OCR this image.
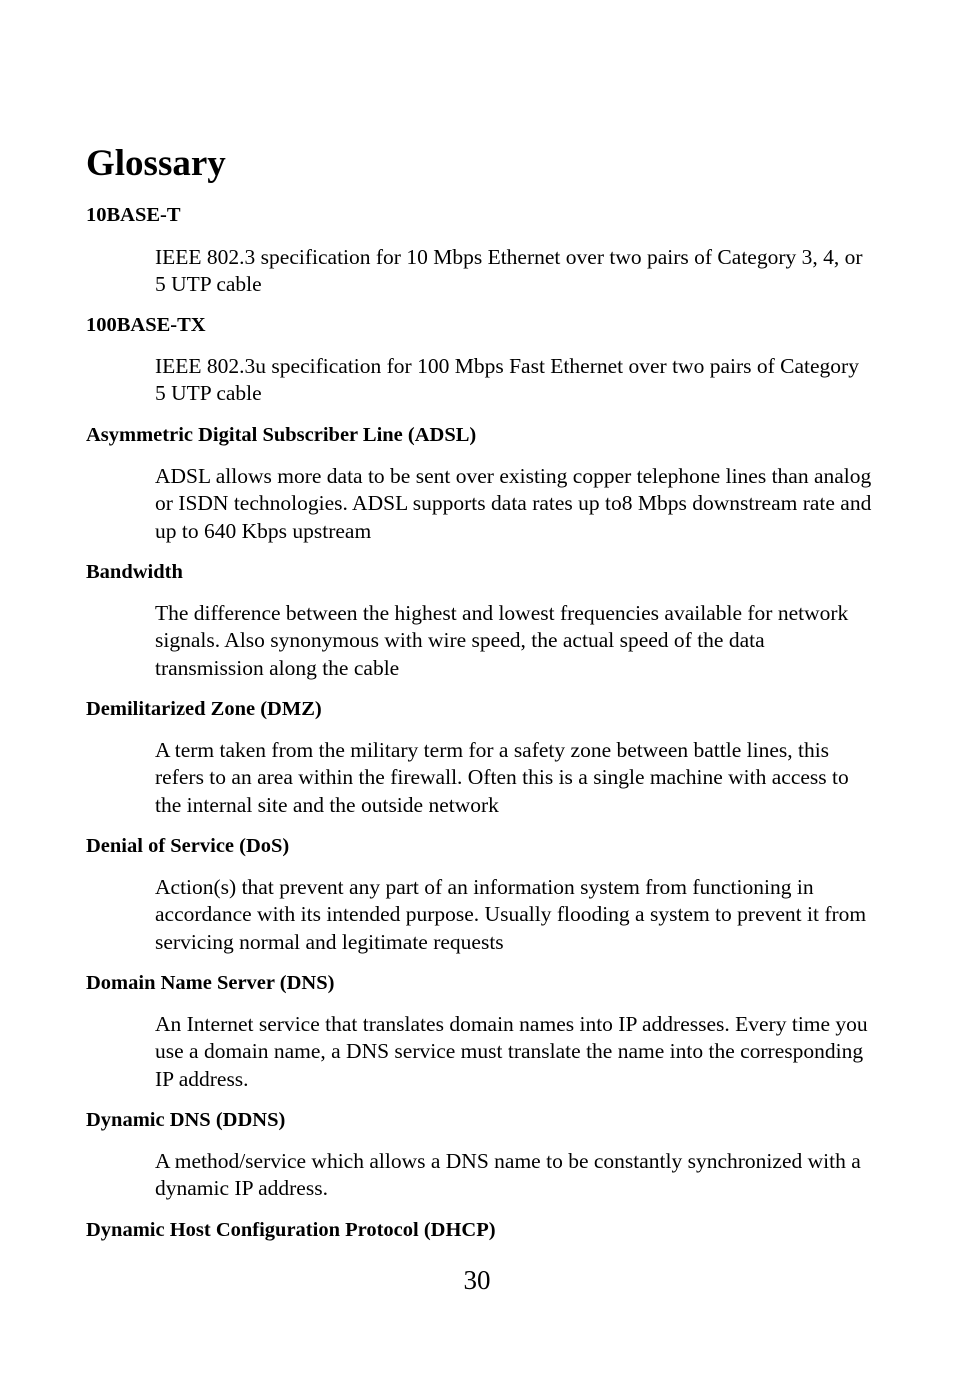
Glossary
10BASE-T
IEEE 802.3 specification for 10 Mbps Ethernet over two pairs of Category 3, 4, or 5 UTP cable
100BASE-TX
IEEE 802.3u specification for 100 Mbps Fast Ethernet over two pairs of Category 5 UTP cable
Asymmetric Digital Subscriber Line (ADSL)
ADSL allows more data to be sent over existing copper telephone lines than analog or ISDN technologies. ADSL supports data rates up to8 Mbps downstream rate and up to 640 Kbps upstream
Bandwidth
The difference between the highest and lowest frequencies available for network signals. Also synonymous with wire speed, the actual speed of the data transmission along the cable
Demilitarized Zone (DMZ)
A term taken from the military term for a safety zone between battle lines, this refers to an area within the firewall. Often this is a single machine with access to the internal site and the outside network
Denial of Service (DoS)
Action(s) that prevent any part of an information system from functioning in accordance with its intended purpose. Usually flooding a system to prevent it from servicing normal and legitimate requests
Domain Name Server (DNS)
An Internet service that translates domain names into IP addresses. Every time you use a domain name, a DNS service must translate the name into the corresponding IP address.
Dynamic DNS (DDNS)
A method/service which allows a DNS name to be constantly synchronized with a dynamic IP address.
Dynamic Host Configuration Protocol (DHCP)
30
